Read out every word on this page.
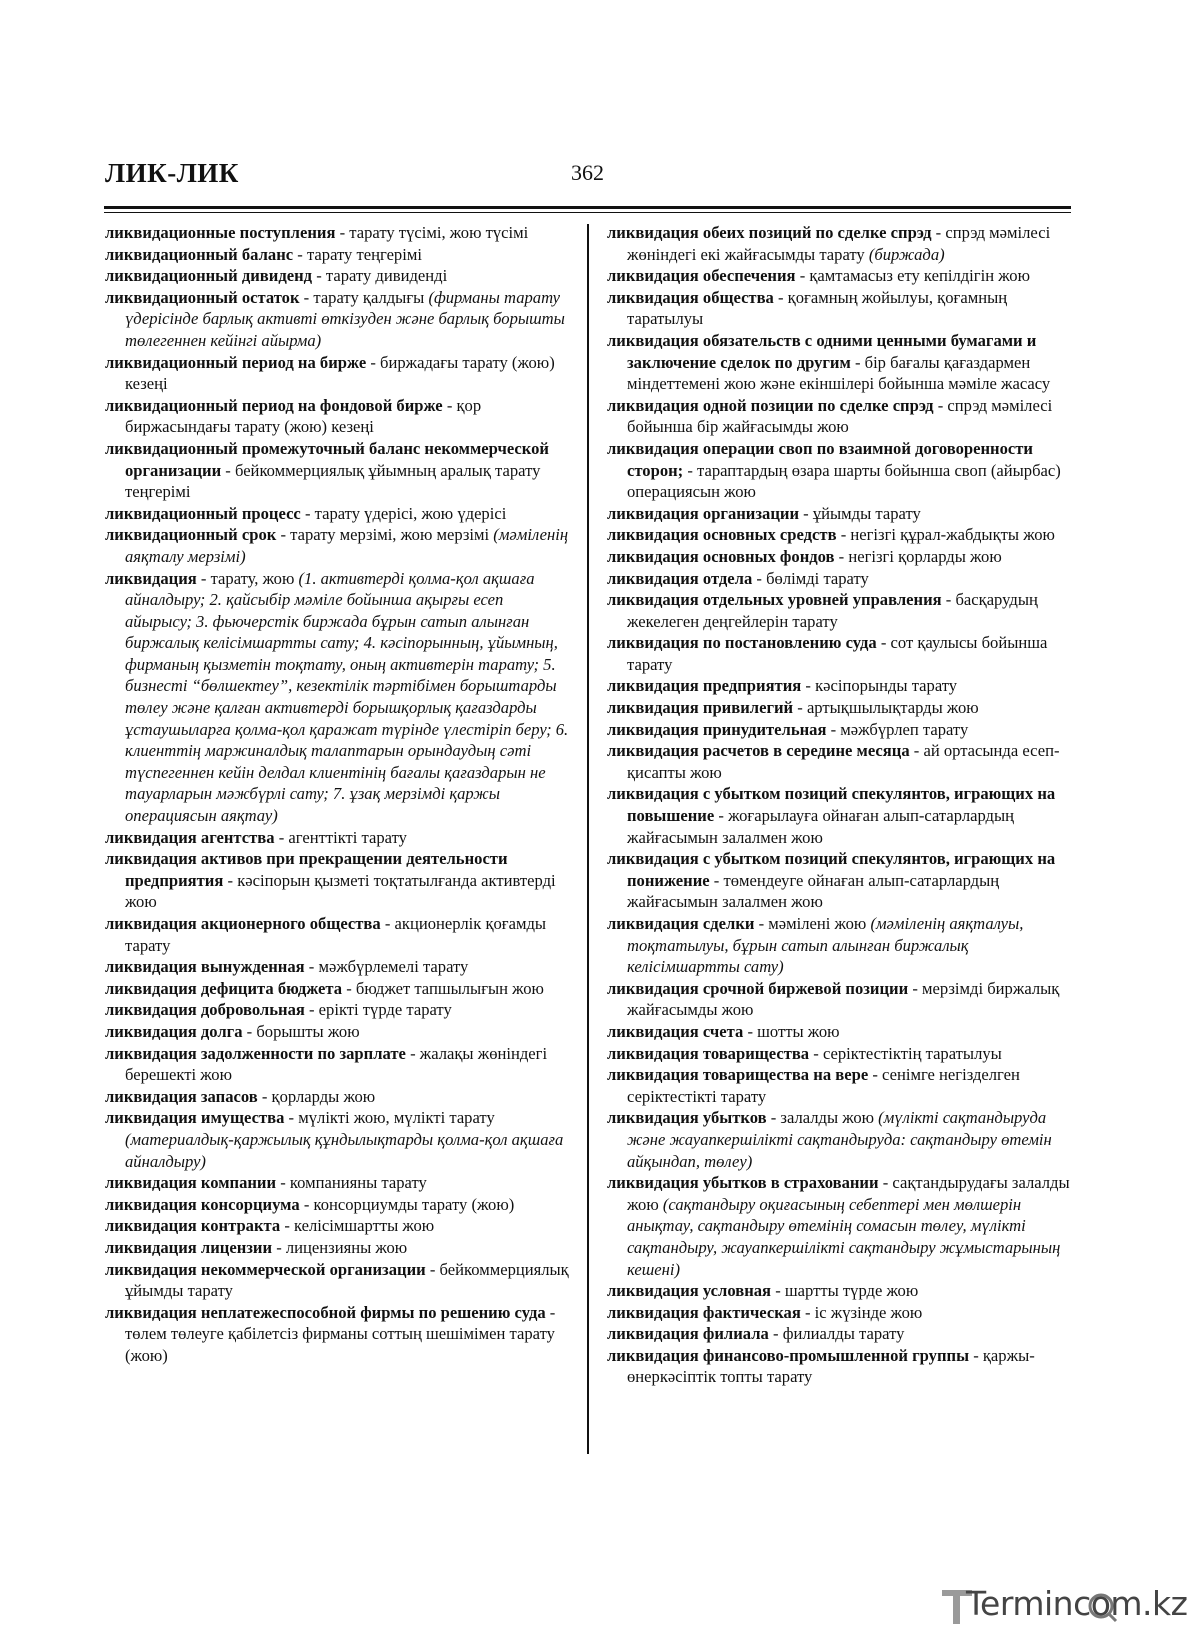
ЛИК-ЛИК	362
ликвидационные поступления - тарату түсімі, жою түсімі
ликвидационный баланс - тарату теңгерімі
ликвидационный дивиденд - тарату дивиденді
ликвидационный остаток - тарату қалдығы (фирманы тарату үдерісінде барлық активті өткізуден және барлық борышты төлегеннен кейінгі айырма)
ликвидационный период на бирже - биржадағы тарату (жою) кезеңі
ликвидационный период на фондовой бирже - қор биржасындағы тарату (жою) кезеңі
ликвидационный промежуточный баланс некоммерческой организации - бейкоммерциялық ұйымның аралық тарату теңгерімі
ликвидационный процесс - тарату үдерісі, жою үдерісі
ликвидационный срок - тарату мерзімі, жою мерзімі (мәміленің аяқталу мерзімі)
ликвидация - тарату, жою (1. активтерді қолма-қол ақшаға айналдыру; 2. қайсыбір мәміле бойынша ақырғы есеп айырысу; 3. фьючерстік биржада бұрын сатып алынған биржалық келісімшартты сату; 4. кәсіпорынның, ұйымның, фирманың қызметін тоқтату, оның активтерін тарату; 5. бизнесті “бөлшектеу”, кезектілік тәртібімен борыштарды төлеу және қалған активтерді борышқорлық қағаздарды ұстаушыларға қолма-қол қаражат түрінде үлестіріп беру; 6. клиенттің маржиналдық талаптарын орындаудың сәті түспегеннен кейін делдал клиентінің бағалы қағаздарын не тауарларын мәжбүрлі сату; 7. ұзақ мерзімді қаржы операциясын аяқтау)
ликвидация агентства - агенттікті тарату
ликвидация активов при прекращении деятельности предприятия - кәсіпорын қызметі тоқтатылғанда активтерді жою
ликвидация акционерного общества - акционерлік қоғамды тарату
ликвидация вынужденная - мәжбүрлемелі тарату
ликвидация дефицита бюджета - бюджет тапшылығын жою
ликвидация добровольная - ерікті түрде тарату
ликвидация долга - борышты жою
ликвидация задолженности по зарплате - жалақы жөніндегі берешекті жою
ликвидация запасов - қорларды жою
ликвидация имущества - мүлікті жою, мүлікті тарату (материалдық-қаржылық құндылықтарды қолма-қол ақшаға айналдыру)
ликвидация компании - компанияны тарату
ликвидация консорциума - консорциумды тарату (жою)
ликвидация контракта - келісімшартты жою
ликвидация лицензии - лицензияны жою
ликвидация некоммерческой организации - бейкоммерциялық ұйымды тарату
ликвидация неплатежеспособной фирмы по решению суда - төлем төлеуге қабілетсіз фирманы соттың шешімімен тарату (жою)
ликвидация обеих позиций по сделке спрэд - спрэд мәмілесі жөніндегі екі жайғасымды тарату (биржада)
ликвидация обеспечения - қамтамасыз ету кепілдігін жою
ликвидация общества - қоғамның жойылуы, қоғамның таратылуы
ликвидация обязательств с одними ценными бумагами и заключение сделок по другим - бір бағалы қағаздармен міндеттемені жою және екіншілері бойынша мәміле жасасу
ликвидация одной позиции по сделке спрэд - спрэд мәмілесі бойынша бір жайғасымды жою
ликвидация операции своп по взаимной договоренности сторон; - тараптардың өзара шарты бойынша своп (айырбас) операциясын жою
ликвидация организации - ұйымды тарату
ликвидация основных средств - негізгі құрал-жабдықты жою
ликвидация основных фондов - негізгі қорларды жою
ликвидация отдела - бөлімді тарату
ликвидация отдельных уровней управления - басқарудың жекелеген деңгейлерін тарату
ликвидация по постановлению суда - сот қаулысы бойынша тарату
ликвидация предприятия - кәсіпорынды тарату
ликвидация привилегий - артықшылықтарды жою
ликвидация принудительная - мәжбүрлеп тарату
ликвидация расчетов в середине месяца - ай ортасында есеп-қисапты жою
ликвидация с убытком позиций спекулянтов, играющих на повышение - жоғарылауға ойнаған алып-сатарлардың жайғасымын залалмен жою
ликвидация с убытком позиций спекулянтов, играющих на понижение - төмендеуге ойнаған алып-сатарлардың жайғасымын залалмен жою
ликвидация сделки - мәмілені жою (мәміленің аяқталуы, тоқтатылуы, бұрын сатып алынған биржалық келісімшартты сату)
ликвидация срочной биржевой позиции - мерзімді биржалық жайғасымды жою
ликвидация счета - шотты жою
ликвидация товарищества - серіктестіктің таратылуы
ликвидация товарищества на вере - сенімге негізделген серіктестікті тарату
ликвидация убытков - залалды жою (мүлікті сақтандыруда және жауапкершілікті сақтандыруда: сақтандыру өтемін айқындап, төлеу)
ликвидация убытков в страховании - сақтандырудағы залалды жою (сақтандыру оқиғасының себептері мен мөлшерін анықтау, сақтандыру өтемінің сомасын төлеу, мүлікті сақтандыру, жауапкершілікті сақтандыру жұмыстарының кешені)
ликвидация условная - шартты түрде жою
ликвидация фактическая - іс жүзінде жою
ликвидация филиала - филиалды тарату
ликвидация финансово-промышленной группы - қаржы-өнеркәсіптік топты тарату
Termincom.kz
